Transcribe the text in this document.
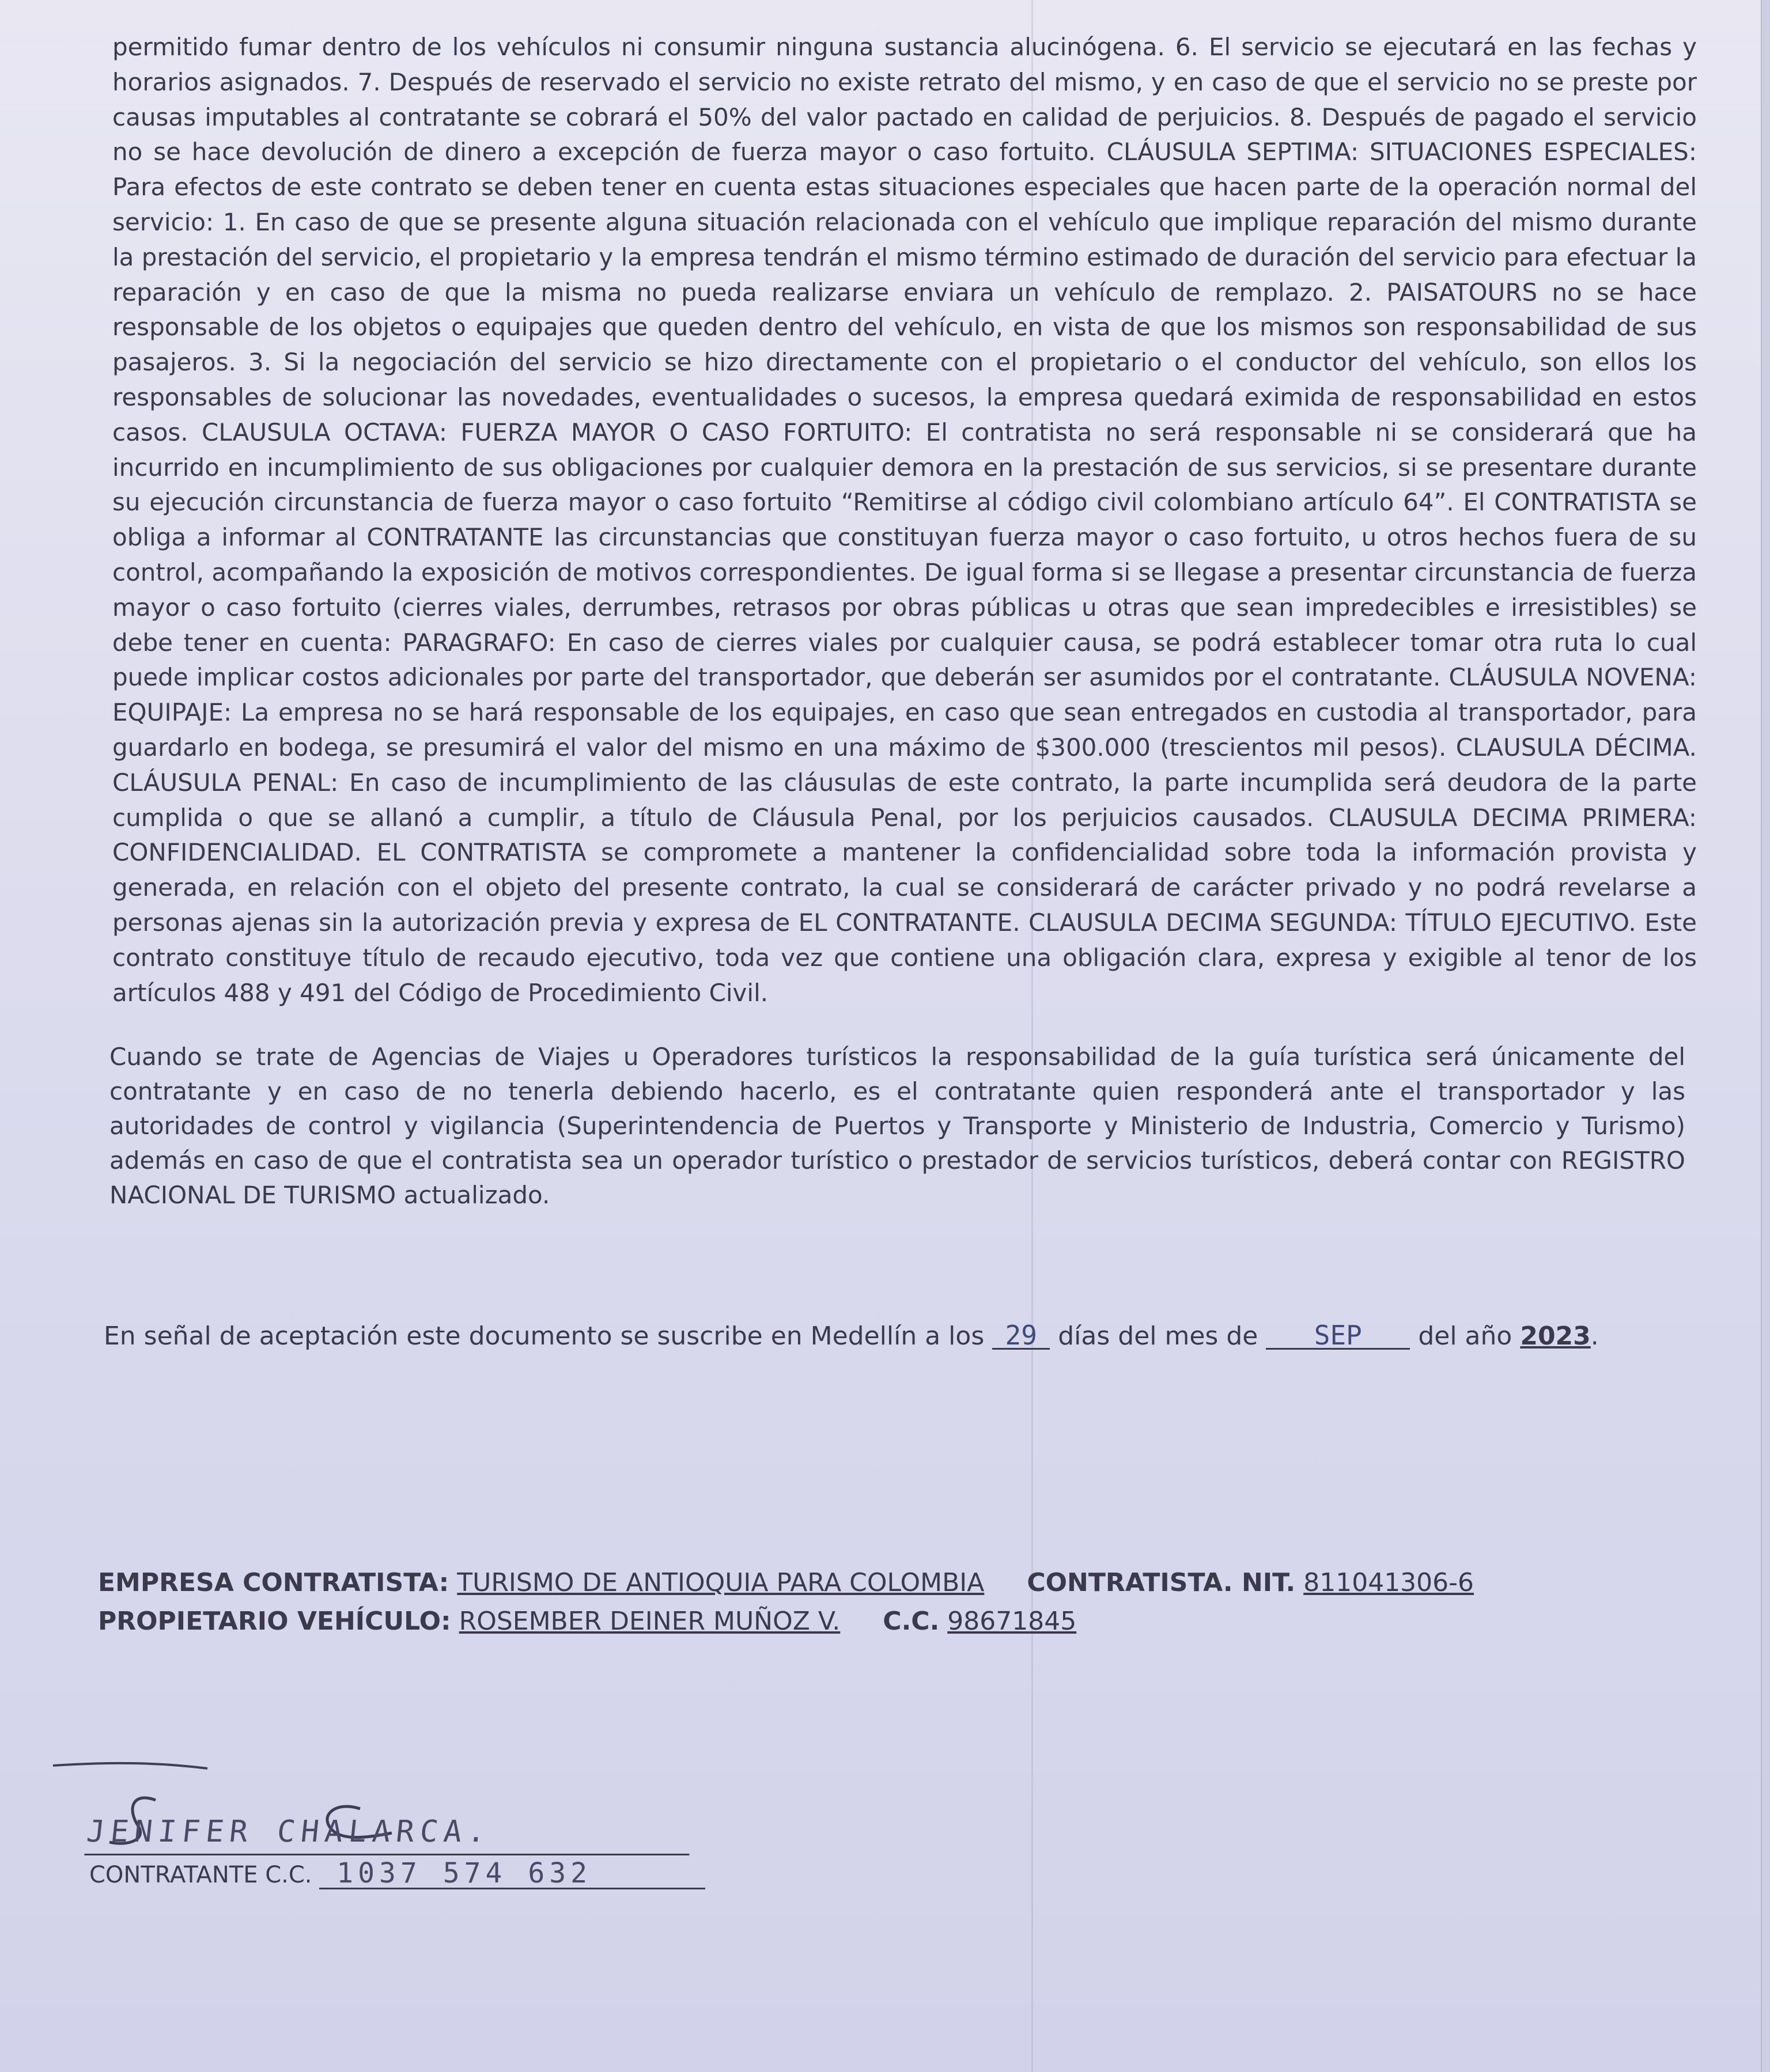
permitido fumar dentro de los vehículos ni consumir ninguna sustancia alucinógena. 6. El servicio se ejecutará en las fechas y horarios asignados. 7. Después de reservado el servicio no existe retrato del mismo, y en caso de que el servicio no se preste por causas imputables al contratante se cobrará el 50% del valor pactado en calidad de perjuicios. 8. Después de pagado el servicio no se hace devolución de dinero a excepción de fuerza mayor o caso fortuito. CLÁUSULA SEPTIMA: SITUACIONES ESPECIALES: Para efectos de este contrato se deben tener en cuenta estas situaciones especiales que hacen parte de la operación normal del servicio: 1. En caso de que se presente alguna situación relacionada con el vehículo que implique reparación del mismo durante la prestación del servicio, el propietario y la empresa tendrán el mismo término estimado de duración del servicio para efectuar la reparación y en caso de que la misma no pueda realizarse enviara un vehículo de remplazo. 2. PAISATOURS no se hace responsable de los objetos o equipajes que queden dentro del vehículo, en vista de que los mismos son responsabilidad de sus pasajeros. 3. Si la negociación del servicio se hizo directamente con el propietario o el conductor del vehículo, son ellos los responsables de solucionar las novedades, eventualidades o sucesos, la empresa quedará eximida de responsabilidad en estos casos. CLAUSULA OCTAVA: FUERZA MAYOR O CASO FORTUITO: El contratista no será responsable ni se considerará que ha incurrido en incumplimiento de sus obligaciones por cualquier demora en la prestación de sus servicios, si se presentare durante su ejecución circunstancia de fuerza mayor o caso fortuito “Remitirse al código civil colombiano artículo 64”. El CONTRATISTA se obliga a informar al CONTRATANTE las circunstancias que constituyan fuerza mayor o caso fortuito, u otros hechos fuera de su control, acompañando la exposición de motivos correspondientes. De igual forma si se llegase a presentar circunstancia de fuerza mayor o caso fortuito (cierres viales, derrumbes, retrasos por obras públicas u otras que sean impredecibles e irresistibles) se debe tener en cuenta: PARAGRAFO: En caso de cierres viales por cualquier causa, se podrá establecer tomar otra ruta lo cual puede implicar costos adicionales por parte del transportador, que deberán ser asumidos por el contratante. CLÁUSULA NOVENA: EQUIPAJE: La empresa no se hará responsable de los equipajes, en caso que sean entregados en custodia al transportador, para guardarlo en bodega, se presumirá el valor del mismo en una máximo de $300.000 (trescientos mil pesos). CLAUSULA DÉCIMA. CLÁUSULA PENAL: En caso de incumplimiento de las cláusulas de este contrato, la parte incumplida será deudora de la parte cumplida o que se allanó a cumplir, a título de Cláusula Penal, por los perjuicios causados. CLAUSULA DECIMA PRIMERA: CONFIDENCIALIDAD. EL CONTRATISTA se compromete a mantener la confidencialidad sobre toda la información provista y generada, en relación con el objeto del presente contrato, la cual se considerará de carácter privado y no podrá revelarse a personas ajenas sin la autorización previa y expresa de EL CONTRATANTE. CLAUSULA DECIMA SEGUNDA: TÍTULO EJECUTIVO. Este contrato constituye título de recaudo ejecutivo, toda vez que contiene una obligación clara, expresa y exigible al tenor de los artículos 488 y 491 del Código de Procedimiento Civil.

Cuando se trate de Agencias de Viajes u Operadores turísticos la responsabilidad de la guía turística será únicamente del contratante y en caso de no tenerla debiendo hacerlo, es el contratante quien responderá ante el transportador y las autoridades de control y vigilancia (Superintendencia de Puertos y Transporte y Ministerio de Industria, Comercio y Turismo) además en caso de que el contratista sea un operador turístico o prestador de servicios turísticos, deberá contar con REGISTRO NACIONAL DE TURISMO actualizado.

En señal de aceptación este documento se suscribe en Medellín a los 29 días del mes de SEP del año 2023.
EMPRESA CONTRATISTA: TURISMO DE ANTIOQUIA PARA COLOMBIA CONTRATISTA. NIT. 811041306-6
PROPIETARIO VEHÍCULO: ROSEMBER DEINER MUÑOZ V. C.C. 98671845
JENIFER CHALARCA.
CONTRATANTE C.C. 1037 574 632
